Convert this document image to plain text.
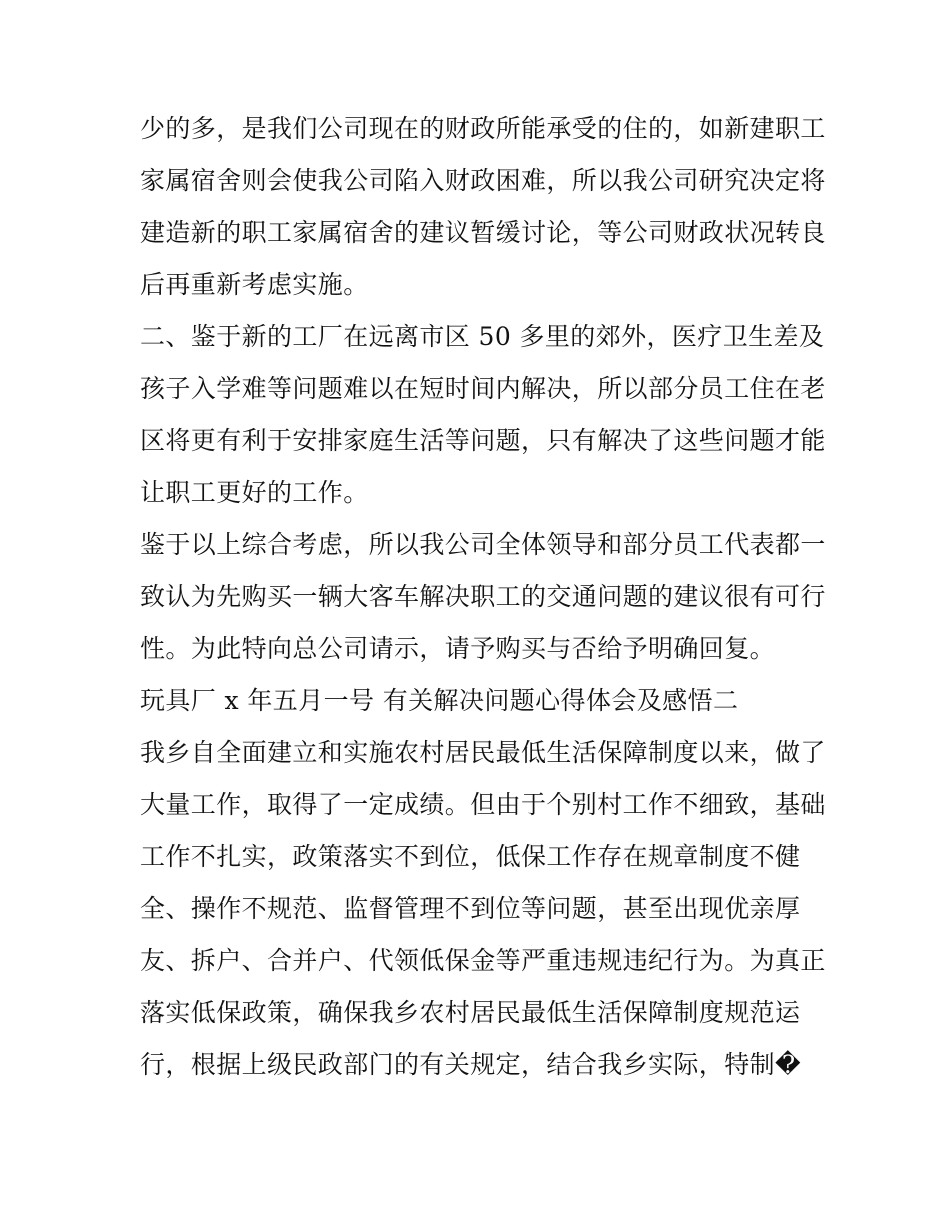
少的多，是我们公司现在的财政所能承受的住的，如新建职工
家属宿舍则会使我公司陷入财政困难，所以我公司研究决定将
建造新的职工家属宿舍的建议暂缓讨论，等公司财政状况转良
后再重新考虑实施。
二、鉴于新的工厂在远离市区 50 多里的郊外，医疗卫生差及
孩子入学难等问题难以在短时间内解决，所以部分员工住在老
区将更有利于安排家庭生活等问题，只有解决了这些问题才能
让职工更好的工作。
鉴于以上综合考虑，所以我公司全体领导和部分员工代表都一
致认为先购买一辆大客车解决职工的交通问题的建议很有可行
性。为此特向总公司请示，请予购买与否给予明确回复。
玩具厂 x 年五月一号 有关解决问题心得体会及感悟二
我乡自全面建立和实施农村居民最低生活保障制度以来，做了
大量工作，取得了一定成绩。但由于个别村工作不细致，基础
工作不扎实，政策落实不到位，低保工作存在规章制度不健
全、操作不规范、监督管理不到位等问题，甚至出现优亲厚
友、拆户、合并户、代领低保金等严重违规违纪行为。为真正
落实低保政策，确保我乡农村居民最低生活保障制度规范运
行，根据上级民政部门的有关规定，结合我乡实际，特制�
